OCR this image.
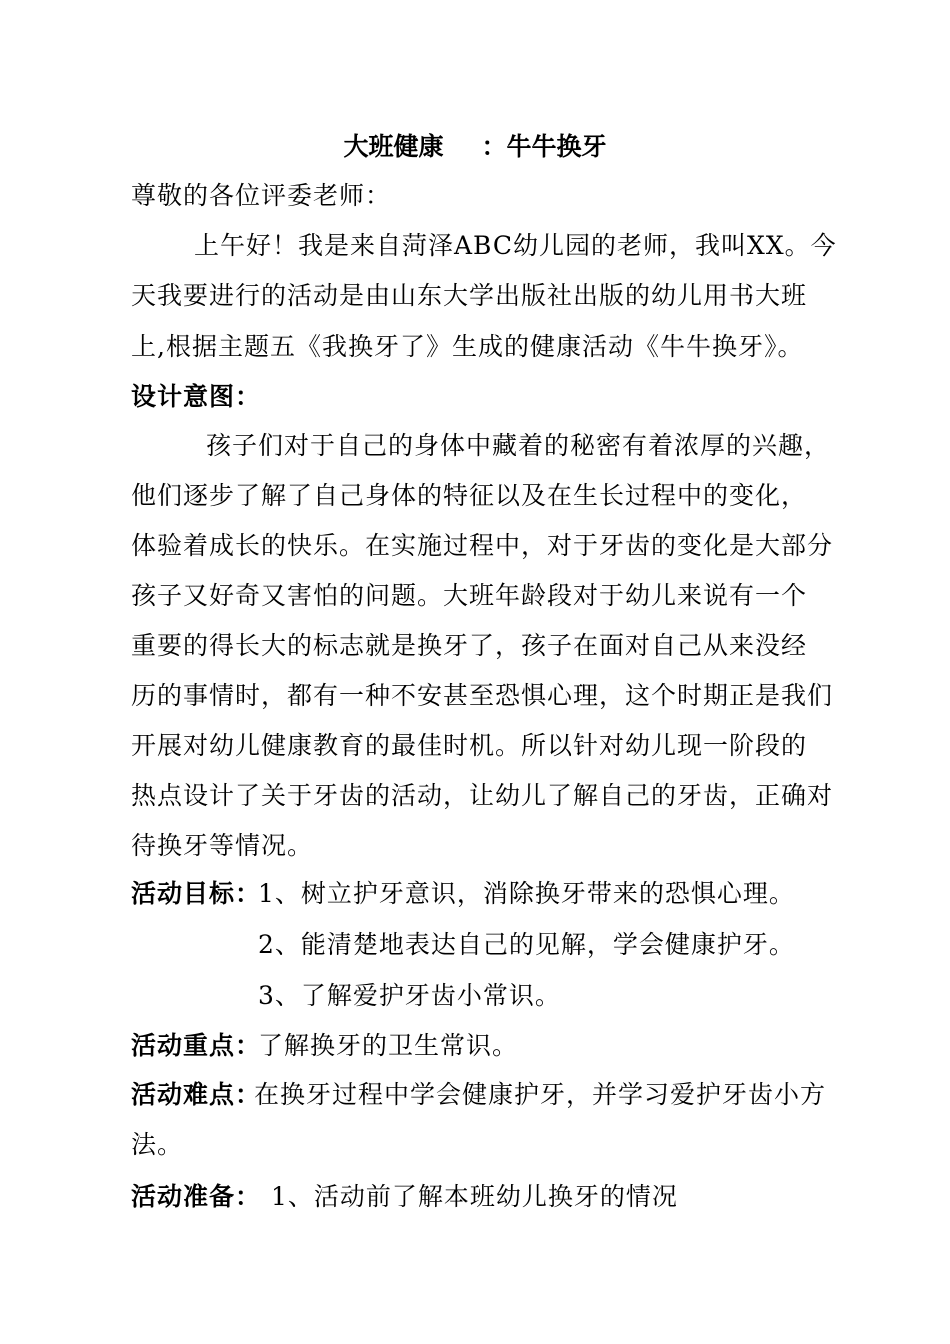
大班健康 ：牛牛换牙
尊敬的各位评委老师：
上午好！我是来自菏泽ABC幼儿园的老师，我叫XX。今
天我要进行的活动是由山东大学出版社出版的幼儿用书大班
上,根据主题五《我换牙了》生成的健康活动《牛牛换牙》。
设计意图：
孩子们对于自己的身体中藏着的秘密有着浓厚的兴趣，
他们逐步了解了自己身体的特征以及在生长过程中的变化，
体验着成长的快乐。在实施过程中，对于牙齿的变化是大部分
孩子又好奇又害怕的问题。大班年龄段对于幼儿来说有一个
重要的得长大的标志就是换牙了，孩子在面对自己从来没经
历的事情时，都有一种不安甚至恐惧心理，这个时期正是我们
开展对幼儿健康教育的最佳时机。所以针对幼儿现一阶段的
热点设计了关于牙齿的活动，让幼儿了解自己的牙齿，正确对
待换牙等情况。
活动目标：
1、树立护牙意识，消除换牙带来的恐惧心理。
2、能清楚地表达自己的见解，学会健康护牙。
3、了解爱护牙齿小常识。
活动重点：
了解换牙的卫生常识。
活动难点：
在换牙过程中学会健康护牙，并学习爱护牙齿小方
法。
活动准备： 1、活动前了解本班幼儿换牙的情况
